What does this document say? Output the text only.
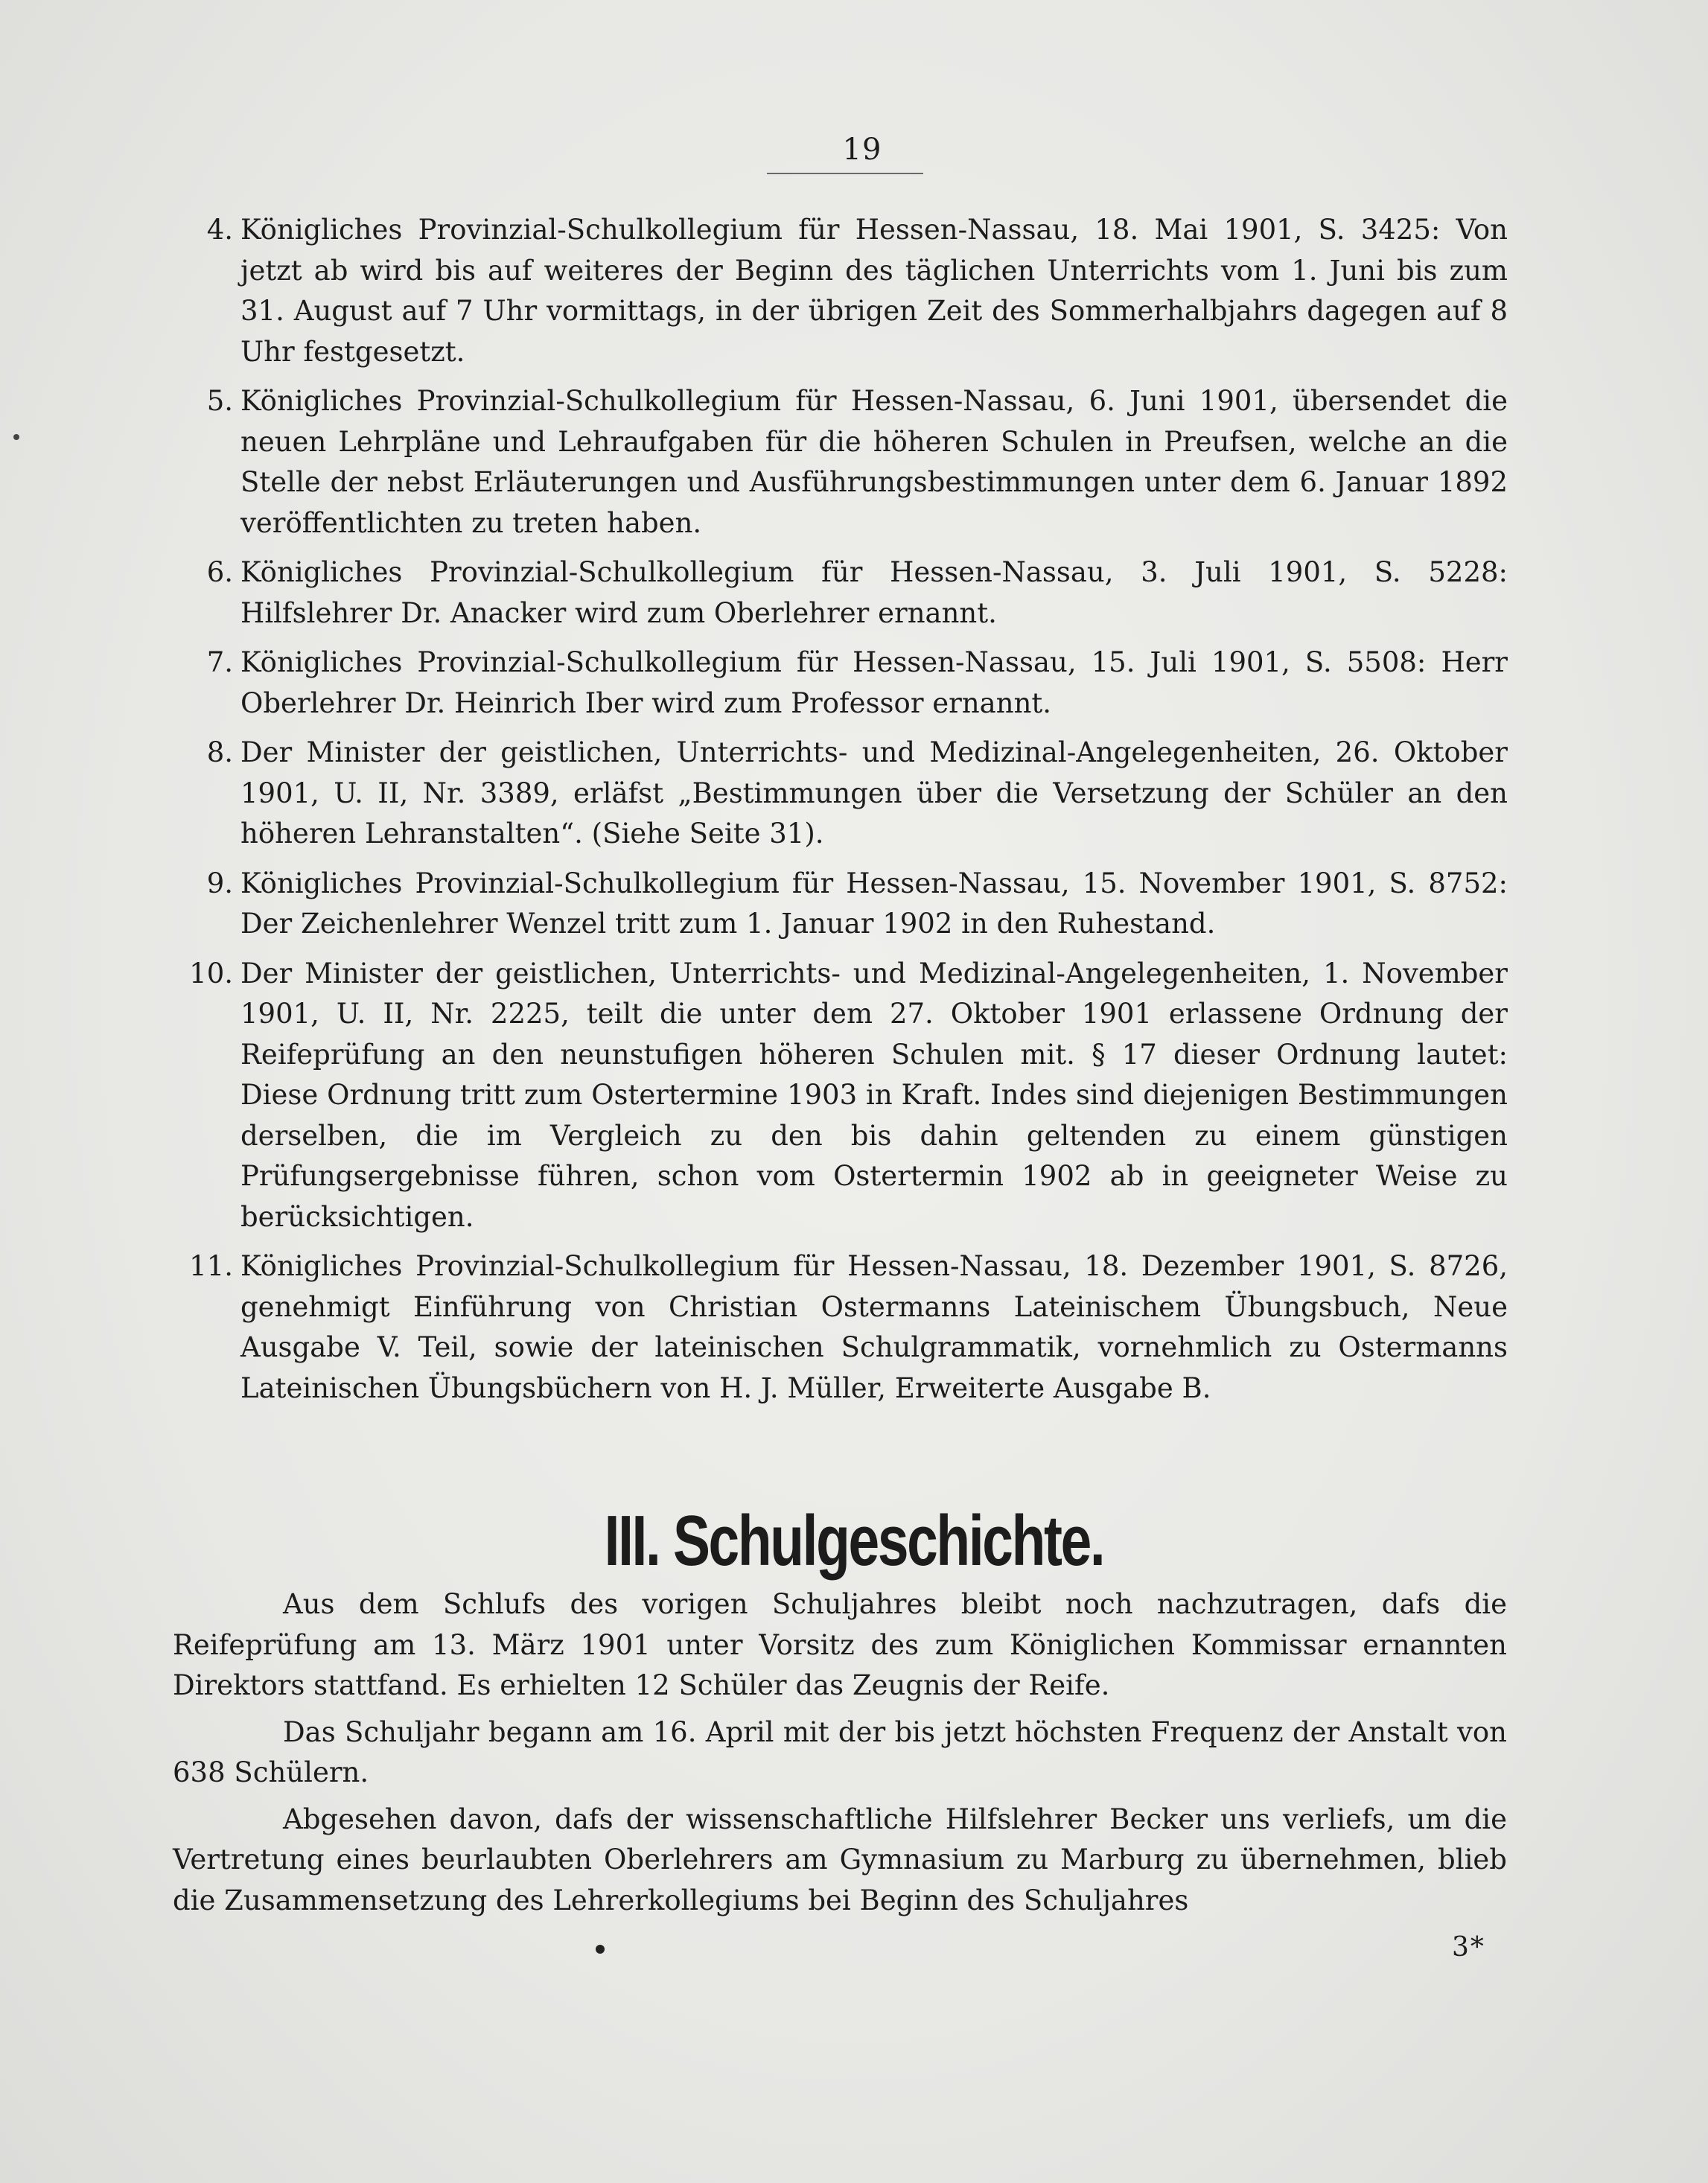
19
4. Königliches Provinzial-Schulkollegium für Hessen-Nassau, 18. Mai 1901, S. 3425: Von jetzt ab wird bis auf weiteres der Beginn des täglichen Unterrichts vom 1. Juni bis zum 31. August auf 7 Uhr vormittags, in der übrigen Zeit des Sommerhalbjahrs dagegen auf 8 Uhr festgesetzt.
5. Königliches Provinzial-Schulkollegium für Hessen-Nassau, 6. Juni 1901, übersendet die neuen Lehrpläne und Lehraufgaben für die höheren Schulen in Preufsen, welche an die Stelle der nebst Erläuterungen und Ausführungsbestimmungen unter dem 6. Januar 1892 veröffentlichten zu treten haben.
6. Königliches Provinzial-Schulkollegium für Hessen-Nassau, 3. Juli 1901, S. 5228: Hilfslehrer Dr. Anacker wird zum Oberlehrer ernannt.
7. Königliches Provinzial-Schulkollegium für Hessen-Nassau, 15. Juli 1901, S. 5508: Herr Oberlehrer Dr. Heinrich Iber wird zum Professor ernannt.
8. Der Minister der geistlichen, Unterrichts- und Medizinal-Angelegenheiten, 26. Oktober 1901, U. II, Nr. 3389, erläfst „Bestimmungen über die Versetzung der Schüler an den höheren Lehranstalten“. (Siehe Seite 31).
9. Königliches Provinzial-Schulkollegium für Hessen-Nassau, 15. November 1901, S. 8752: Der Zeichenlehrer Wenzel tritt zum 1. Januar 1902 in den Ruhestand.
10. Der Minister der geistlichen, Unterrichts- und Medizinal-Angelegenheiten, 1. November 1901, U. II, Nr. 2225, teilt die unter dem 27. Oktober 1901 erlassene Ordnung der Reifeprüfung an den neunstufigen höheren Schulen mit. § 17 dieser Ordnung lautet: Diese Ordnung tritt zum Ostertermine 1903 in Kraft. Indes sind diejenigen Bestimmungen derselben, die im Vergleich zu den bis dahin geltenden zu einem günstigen Prüfungsergebnisse führen, schon vom Ostertermin 1902 ab in geeigneter Weise zu berücksichtigen.
11. Königliches Provinzial-Schulkollegium für Hessen-Nassau, 18. Dezember 1901, S. 8726, genehmigt Einführung von Christian Ostermanns Lateinischem Übungsbuch, Neue Ausgabe V. Teil, sowie der lateinischen Schulgrammatik, vornehmlich zu Ostermanns Lateinischen Übungsbüchern von H. J. Müller, Erweiterte Ausgabe B.
III. Schulgeschichte.

Aus dem Schlufs des vorigen Schuljahres bleibt noch nachzutragen, dafs die Reifeprüfung am 13. März 1901 unter Vorsitz des zum Königlichen Kommissar ernannten Direktors stattfand. Es erhielten 12 Schüler das Zeugnis der Reife.

Das Schuljahr begann am 16. April mit der bis jetzt höchsten Frequenz der Anstalt von 638 Schülern.

Abgesehen davon, dafs der wissenschaftliche Hilfslehrer Becker uns verliefs, um die Vertretung eines beurlaubten Oberlehrers am Gymnasium zu Marburg zu übernehmen, blieb die Zusammensetzung des Lehrerkollegiums bei Beginn des Schuljahres

3*
